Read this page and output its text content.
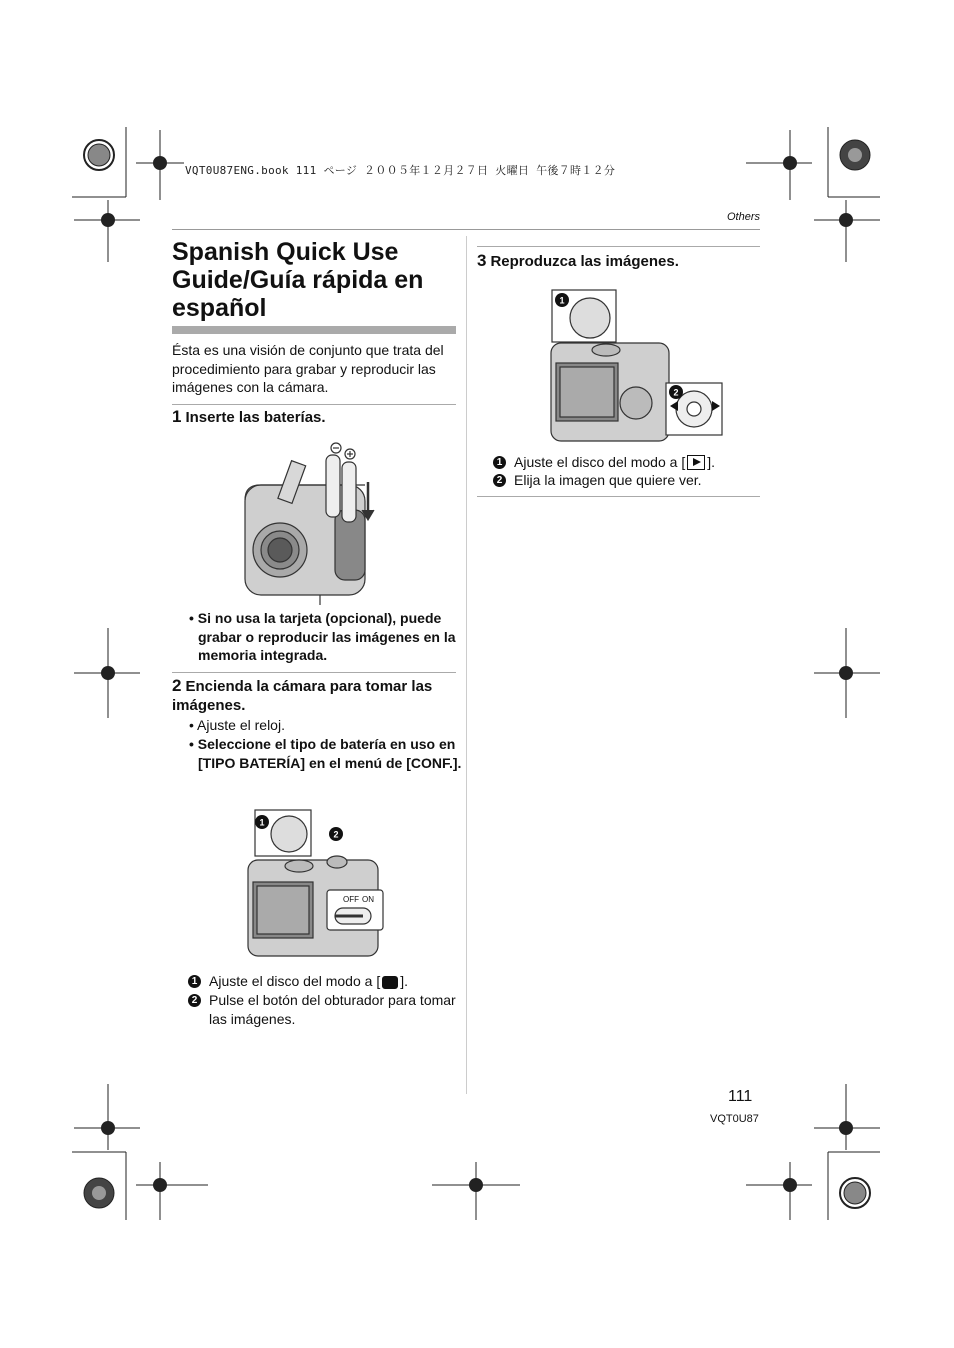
VQT0U87ENG.book 111 ページ ２００５年１２月２７日 火曜日 午後７時１２分
Others
Spanish Quick Use Guide/Guía rápida en español
Ésta es una visión de conjunto que trata del procedimiento para grabar y reproducir las imágenes con la cámara.
1 Inserte las baterías.
• Si no usa la tarjeta (opcional), puede grabar o reproducir las imágenes en la memoria integrada.
2 Encienda la cámara para tomar las imágenes.
• Ajuste el reloj.
• Seleccione el tipo de batería en uso en [TIPO BATERÍA] en el menú de [CONF.].
OFF ON
1
2
1 Ajuste el disco del modo a [ ].
2 Pulse el botón del obturador para tomar las imágenes.
3 Reproduzca las imágenes.
1
2
1 Ajuste el disco del modo a [ ].
2 Elija la imagen que quiere ver.
111
VQT0U87
